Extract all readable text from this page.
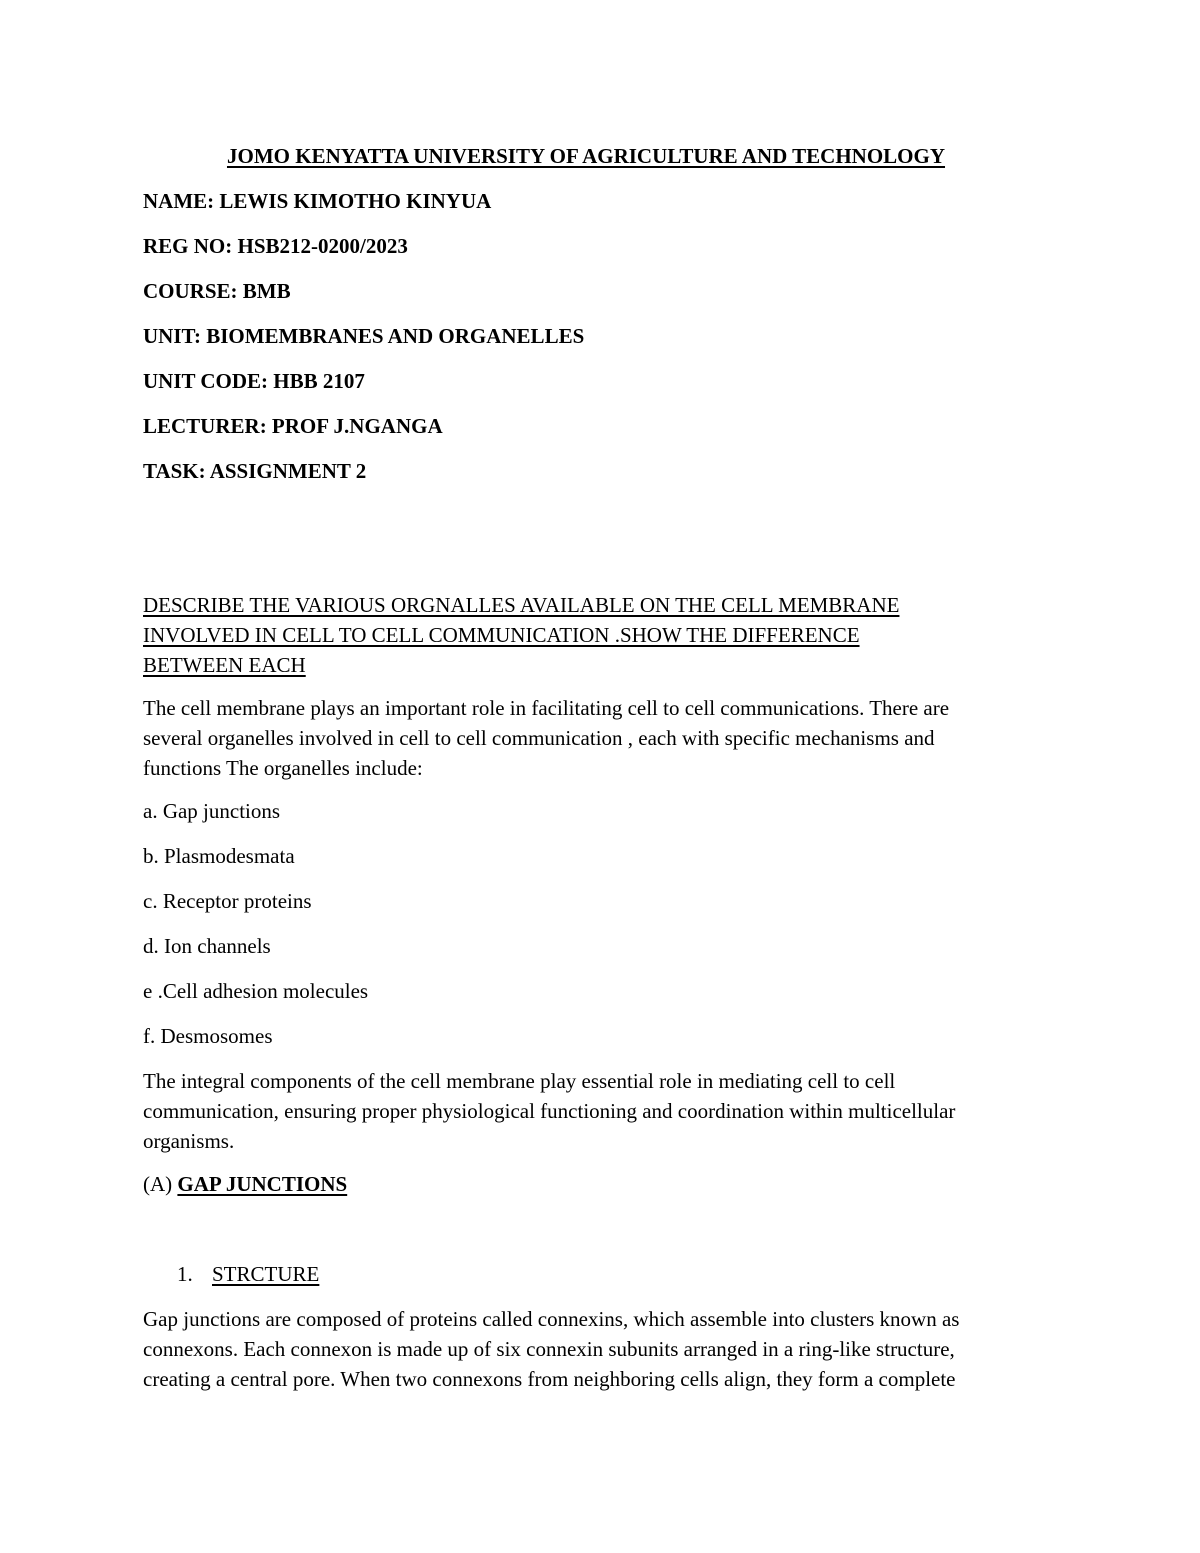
JOMO KENYATTA UNIVERSITY OF AGRICULTURE AND TECHNOLOGY
NAME: LEWIS KIMOTHO KINYUA
REG NO: HSB212-0200/2023
COURSE: BMB
UNIT: BIOMEMBRANES AND ORGANELLES
UNIT CODE: HBB 2107
LECTURER: PROF J.NGANGA
TASK: ASSIGNMENT 2
DESCRIBE THE VARIOUS ORGNALLES AVAILABLE ON THE CELL MEMBRANE
INVOLVED IN CELL TO CELL COMMUNICATION .SHOW THE DIFFERENCE
BETWEEN EACH
The cell membrane plays an important role in facilitating cell to cell communications. There are
several organelles involved in cell to cell communication , each with specific mechanisms and
functions The organelles include:
a. Gap junctions
b. Plasmodesmata
c. Receptor proteins
d. Ion channels
e .Cell adhesion molecules
f. Desmosomes
The integral components of the cell membrane play essential role in mediating cell to cell
communication, ensuring proper physiological functioning and coordination within multicellular
organisms.
(A) GAP JUNCTIONS
1. STRCTURE
Gap junctions are composed of proteins called connexins, which assemble into clusters known as
connexons. Each connexon is made up of six connexin subunits arranged in a ring-like structure,
creating a central pore. When two connexons from neighboring cells align, they form a complete
